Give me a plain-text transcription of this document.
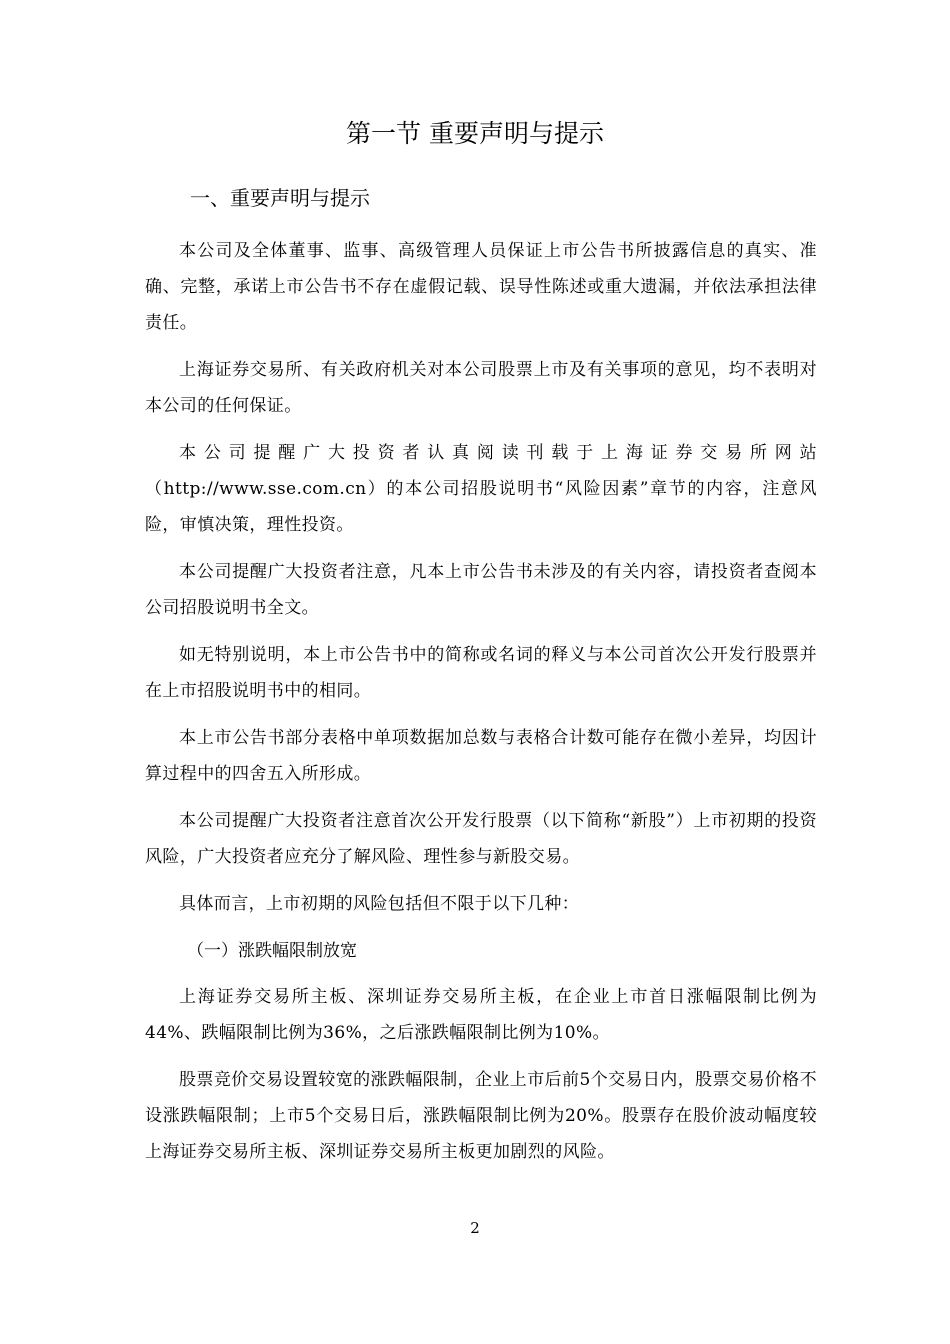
第一节 重要声明与提示
一、重要声明与提示

本公司及全体董事、监事、高级管理人员保证上市公告书所披露信息的真实、准确、完整，承诺上市公告书不存在虚假记载、误导性陈述或重大遗漏，并依法承担法律责任。

上海证券交易所、有关政府机关对本公司股票上市及有关事项的意见，均不表明对本公司的任何保证。

本公司提醒广大投资者认真阅读刊载于上海证券交易所网站（http://www.sse.com.cn）的本公司招股说明书“风险因素”章节的内容，注意风险，审慎决策，理性投资。

本公司提醒广大投资者注意，凡本上市公告书未涉及的有关内容，请投资者查阅本公司招股说明书全文。

如无特别说明，本上市公告书中的简称或名词的释义与本公司首次公开发行股票并在上市招股说明书中的相同。

本上市公告书部分表格中单项数据加总数与表格合计数可能存在微小差异，均因计算过程中的四舍五入所形成。

本公司提醒广大投资者注意首次公开发行股票（以下简称“新股”）上市初期的投资风险，广大投资者应充分了解风险、理性参与新股交易。

具体而言，上市初期的风险包括但不限于以下几种：

（一）涨跌幅限制放宽

上海证券交易所主板、深圳证券交易所主板，在企业上市首日涨幅限制比例为44%、跌幅限制比例为36%，之后涨跌幅限制比例为10%。

股票竞价交易设置较宽的涨跌幅限制，企业上市后前5个交易日内，股票交易价格不设涨跌幅限制；上市5个交易日后，涨跌幅限制比例为20%。股票存在股价波动幅度较上海证券交易所主板、深圳证券交易所主板更加剧烈的风险。

2
